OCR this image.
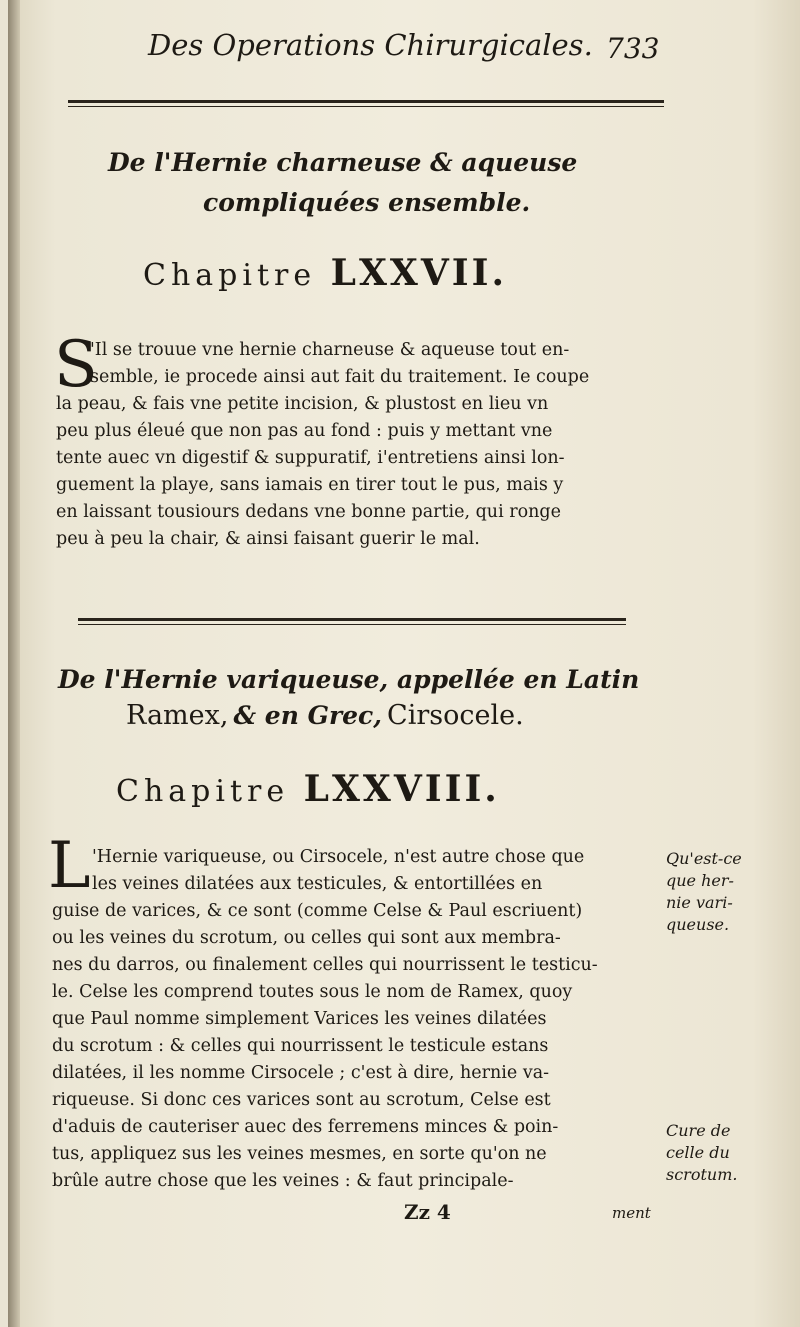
Des Operations Chirurgicales. 733
De l'Hernie charneuse & aqueuse
compliquées ensemble.
Chapitre LXXVII.
S
'Il se trouue vne hernie charneuse & aqueuse tout en-
semble, ie procede ainsi aut fait du traitement. Ie coupe
la peau, & fais vne petite incision, & plustost en lieu vn
peu plus éleué que non pas au fond : puis y mettant vne
tente auec vn digestif & suppuratif, i'entretiens ainsi lon-
guement la playe, sans iamais en tirer tout le pus, mais y
en laissant tousiours dedans vne bonne partie, qui ronge
peu à peu la chair, & ainsi faisant guerir le mal.
De l'Hernie variqueuse, appellée en Latin
Ramex, & en Grec, Cirsocele.
Chapitre LXXVIII.
L 'Hernie variqueuse, ou Cirsocele, n'est autre chose que
les veines dilatées aux testicules, & entortillées en
guise de varices, & ce sont (comme Celse & Paul escriuent)
ou les veines du scrotum, ou celles qui sont aux membra-
nes du darros, ou finalement celles qui nourrissent le testicu-
le. Celse les comprend toutes sous le nom de Ramex, quoy
que Paul nomme simplement Varices les veines dilatées
du scrotum : & celles qui nourrissent le testicule estans
dilatées, il les nomme Cirsocele ; c'est à dire, hernie va-
riqueuse. Si donc ces varices sont au scrotum, Celse est
d'aduis de cauteriser auec des ferremens minces & poin-
tus, appliquez sus les veines mesmes, en sorte qu'on ne
brûle autre chose que les veines : & faut principale-
Qu'est-ce
que her-
nie vari-
queuse.
Cure de
celle du
scrotum.
Zz 4	ment
